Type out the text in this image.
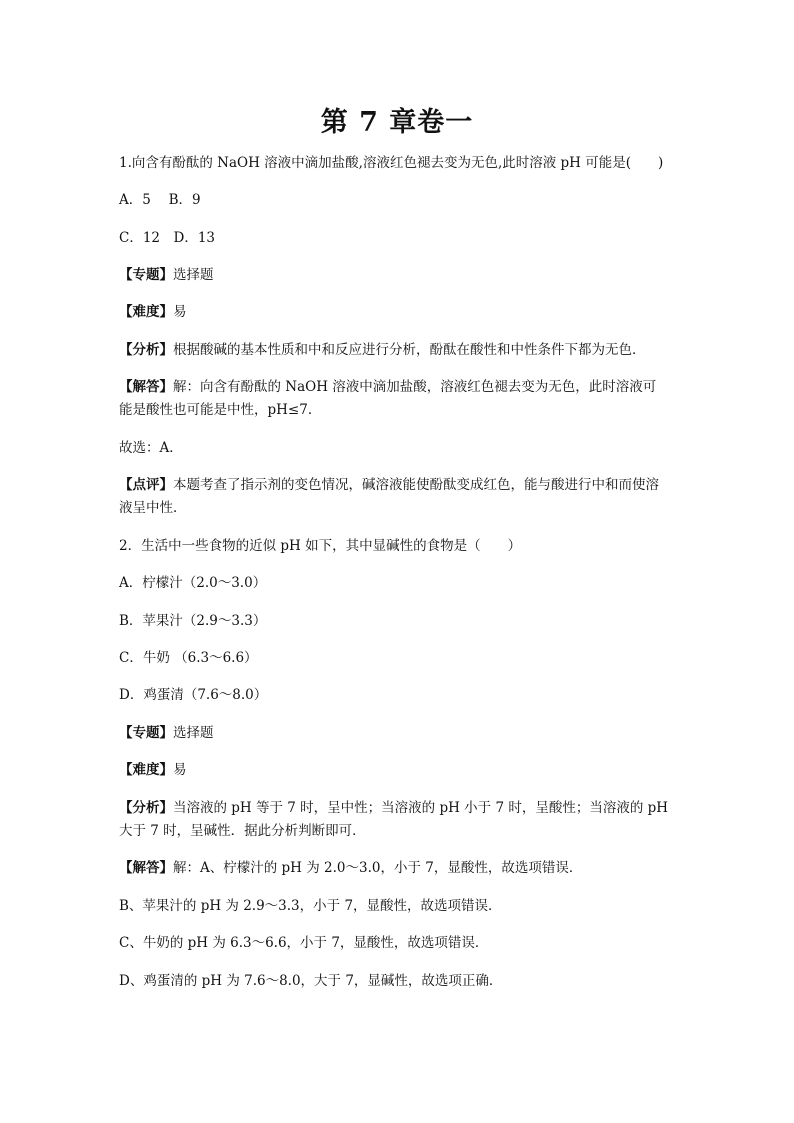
第 7 章卷一
1.向含有酚酞的 NaOH 溶液中滴加盐酸,溶液红色褪去变为无色,此时溶液 pH 可能是(　　)
A．5　 B．9
C．12　D．13
【专题】选择题
【难度】易
【分析】根据酸碱的基本性质和中和反应进行分析，酚酞在酸性和中性条件下都为无色．
【解答】解：向含有酚酞的 NaOH 溶液中滴加盐酸，溶液红色褪去变为无色，此时溶液可
能是酸性也可能是中性，pH≤7．
故选：A．
【点评】本题考查了指示剂的变色情况，碱溶液能使酚酞变成红色，能与酸进行中和而使溶
液呈中性．
2．生活中一些食物的近似 pH 如下，其中显碱性的食物是（　　）
A．柠檬汁（2.0～3.0）
B．苹果汁（2.9～3.3）
C．牛奶 （6.3～6.6）
D．鸡蛋清（7.6～8.0）
【专题】选择题
【难度】易
【分析】当溶液的 pH 等于 7 时，呈中性；当溶液的 pH 小于 7 时，呈酸性；当溶液的 pH
大于 7 时，呈碱性．据此分析判断即可．
【解答】解：A、柠檬汁的 pH 为 2.0～3.0，小于 7，显酸性，故选项错误．
B、苹果汁的 pH 为 2.9～3.3，小于 7，显酸性，故选项错误．
C、牛奶的 pH 为 6.3～6.6，小于 7，显酸性，故选项错误．
D、鸡蛋清的 pH 为 7.6～8.0，大于 7，显碱性，故选项正确．
